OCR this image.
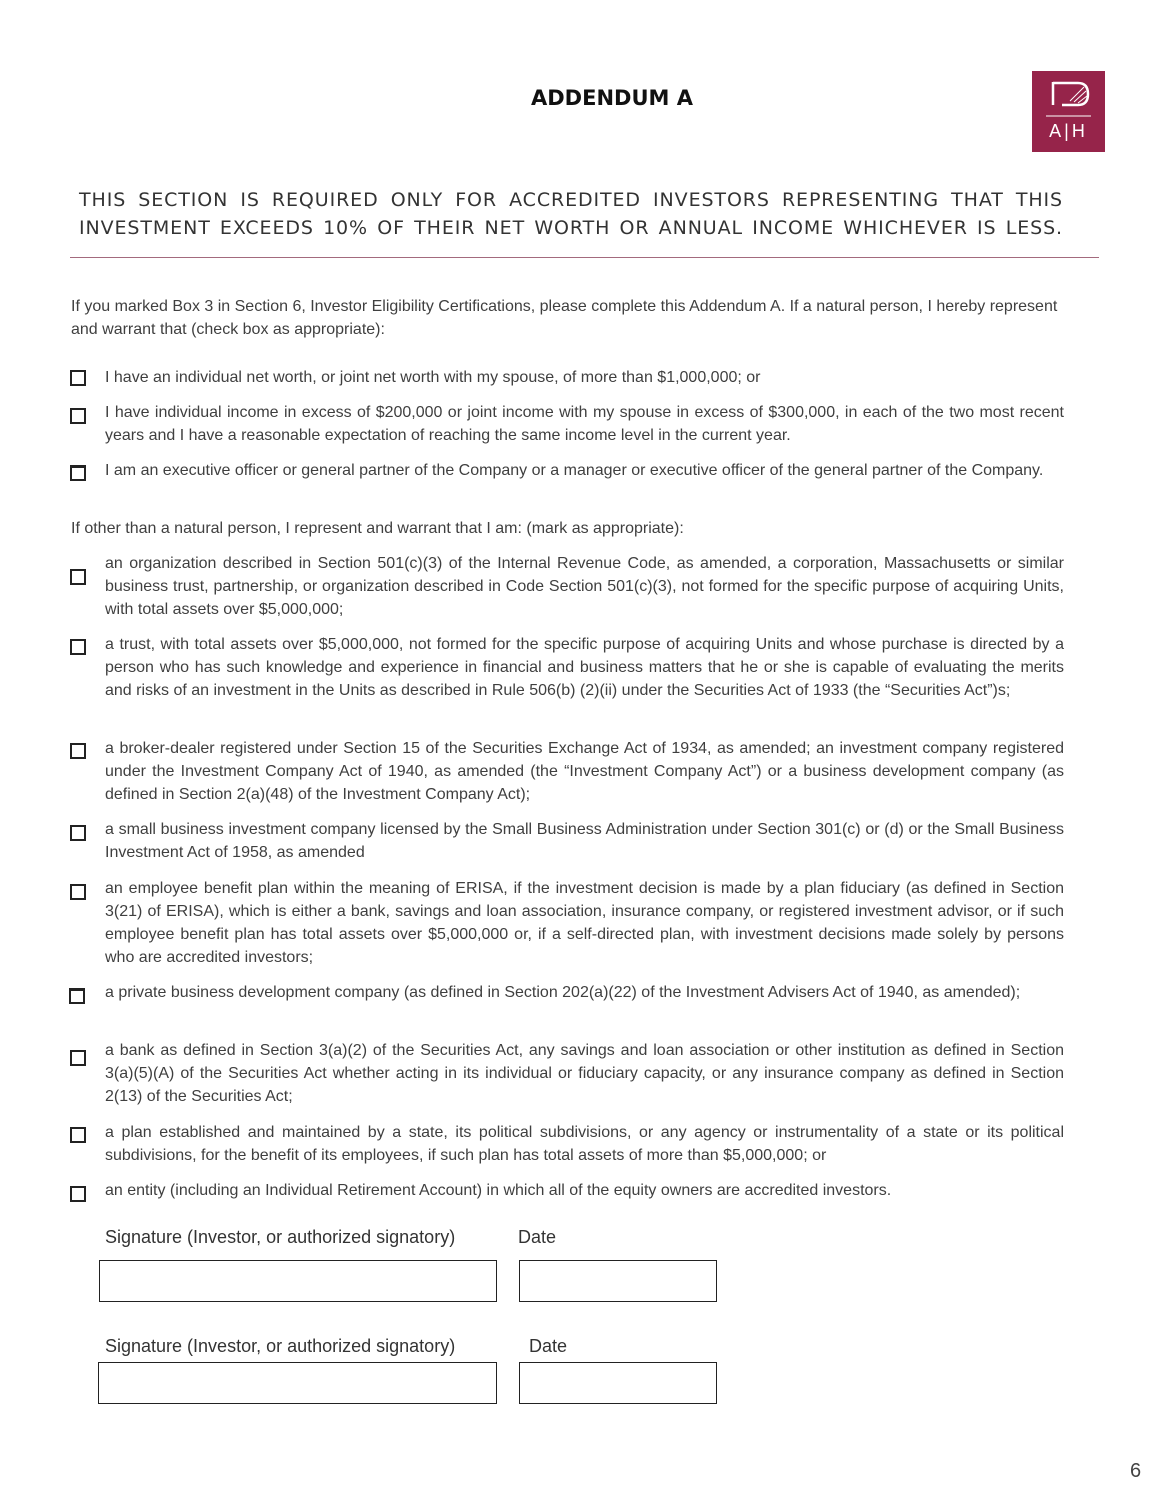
ADDENDUM A
A|H
THIS SECTION IS REQUIRED ONLY FOR ACCREDITED INVESTORS REPRESENTING THAT THIS
INVESTMENT EXCEEDS 10% OF THEIR NET WORTH OR ANNUAL INCOME WHICHEVER IS LESS.
If you marked Box 3 in Section 6, Investor Eligibility Certifications, please complete this Addendum A. If a natural person, I hereby represent and warrant that (check box as appropriate):
I have an individual net worth, or joint net worth with my spouse, of more than $1,000,000; or
I have individual income in excess of $200,000 or joint income with my spouse in excess of $300,000, in each of the two most recent years and I have a reasonable expectation of reaching the same income level in the current year.
I am an executive officer or general partner of the Company or a manager or executive officer of the general partner of the Company.
If other than a natural person, I represent and warrant that I am: (mark as appropriate):
an organization described in Section 501(c)(3) of the Internal Revenue Code, as amended, a corporation, Massachusetts or similar business trust, partnership, or organization described in Code Section 501(c)(3), not formed for the specific purpose of acquiring Units, with total assets over $5,000,000;
a trust, with total assets over $5,000,000, not formed for the specific purpose of acquiring Units and whose purchase is directed by a person who has such knowledge and experience in financial and business matters that he or she is capable of evaluating the merits and risks of an investment in the Units as described in Rule 506(b) (2)(ii) under the Securities Act of 1933 (the “Securities Act”)s;
a broker-dealer registered under Section 15 of the Securities Exchange Act of 1934, as amended; an investment company registered under the Investment Company Act of 1940, as amended (the “Investment Company Act”) or a business development company (as defined in Section 2(a)(48) of the Investment Company Act);
a small business investment company licensed by the Small Business Administration under Section 301(c) or (d) or the Small Business Investment Act of 1958, as amended
an employee benefit plan within the meaning of ERISA, if the investment decision is made by a plan fiduciary (as defined in Section 3(21) of ERISA), which is either a bank, savings and loan association, insurance company, or registered investment advisor, or if such employee benefit plan has total assets over $5,000,000 or, if a self-directed plan, with investment decisions made solely by persons who are accredited investors;
a private business development company (as defined in Section 202(a)(22) of the Investment Advisers Act of 1940, as amended);
a bank as defined in Section 3(a)(2) of the Securities Act, any savings and loan association or other institution as defined in Section 3(a)(5)(A) of the Securities Act whether acting in its individual or fiduciary capacity, or any insurance company as defined in Section 2(13) of the Securities Act;
a plan established and maintained by a state, its political subdivisions, or any agency or instrumentality of a state or its political subdivisions, for the benefit of its employees, if such plan has total assets of more than $5,000,000; or
an entity (including an Individual Retirement Account) in which all of the equity owners are accredited investors.
Signature (Investor, or authorized signatory)	Date
Signature (Investor, or authorized signatory)	Date
6
